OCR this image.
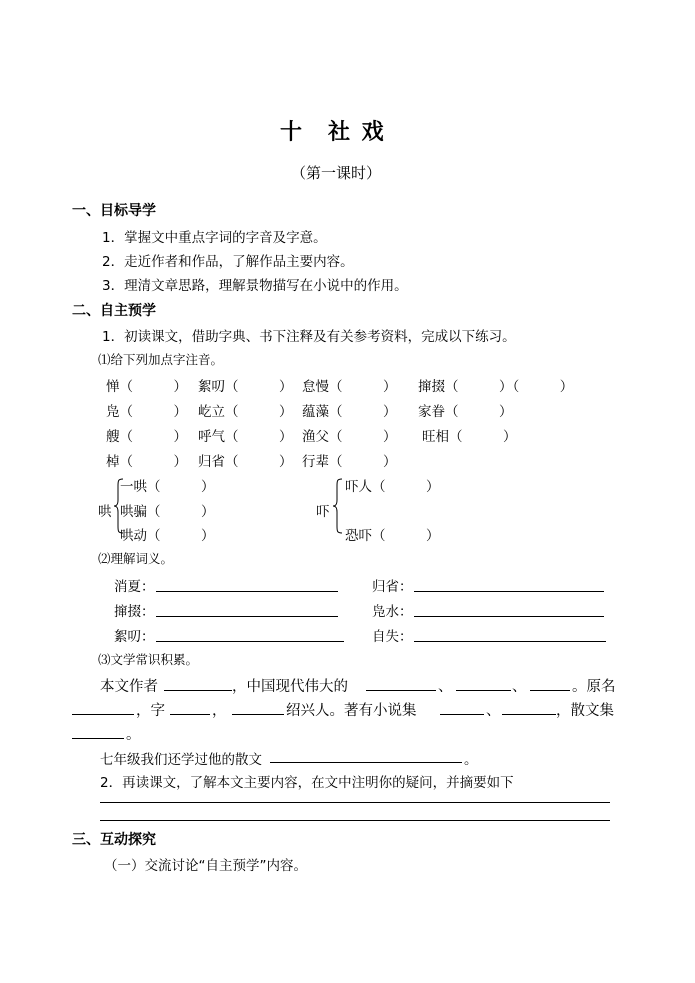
十　社 戏
（第一课时）
一、目标导学
1．掌握文中重点字词的字音及字意。
2．走近作者和作品，了解作品主要内容。
3．理清文章思路，理解景物描写在小说中的作用。
二、自主预学
1．初读课文，借助字典、书下注释及有关参考资料，完成以下练习。
⑴给下列加点字注音。
惮（　　　） 絮叨（　　　） 怠慢（　　　） 撺掇（　　　）（　　　）
凫（　　　） 屹立（　　　） 蕴藻（　　　） 家眷（　　　）
艘（　　　） 呼气（　　　） 渔父（　　　） 旺相（　　　）
棹（　　　） 归省（　　　） 行辈（　　　）
哄
一哄（　　　）
哄骗（　　　）
哄动（　　　）
吓
吓人（　　　）
恐吓（　　　）
⑵理解词义。
消夏：	归省：
撺掇：	凫水：
絮叨：	自失：
⑶文学常识积累。
本文作者	，中国现代伟大的	、	、	。原名
，字	，	绍兴人。著有小说集	、	，散文集
。
七年级我们还学过他的散文	。
2．再读课文，了解本文主要内容，在文中注明你的疑问，并摘要如下
三、互动探究
（一）交流讨论“自主预学”内容。
